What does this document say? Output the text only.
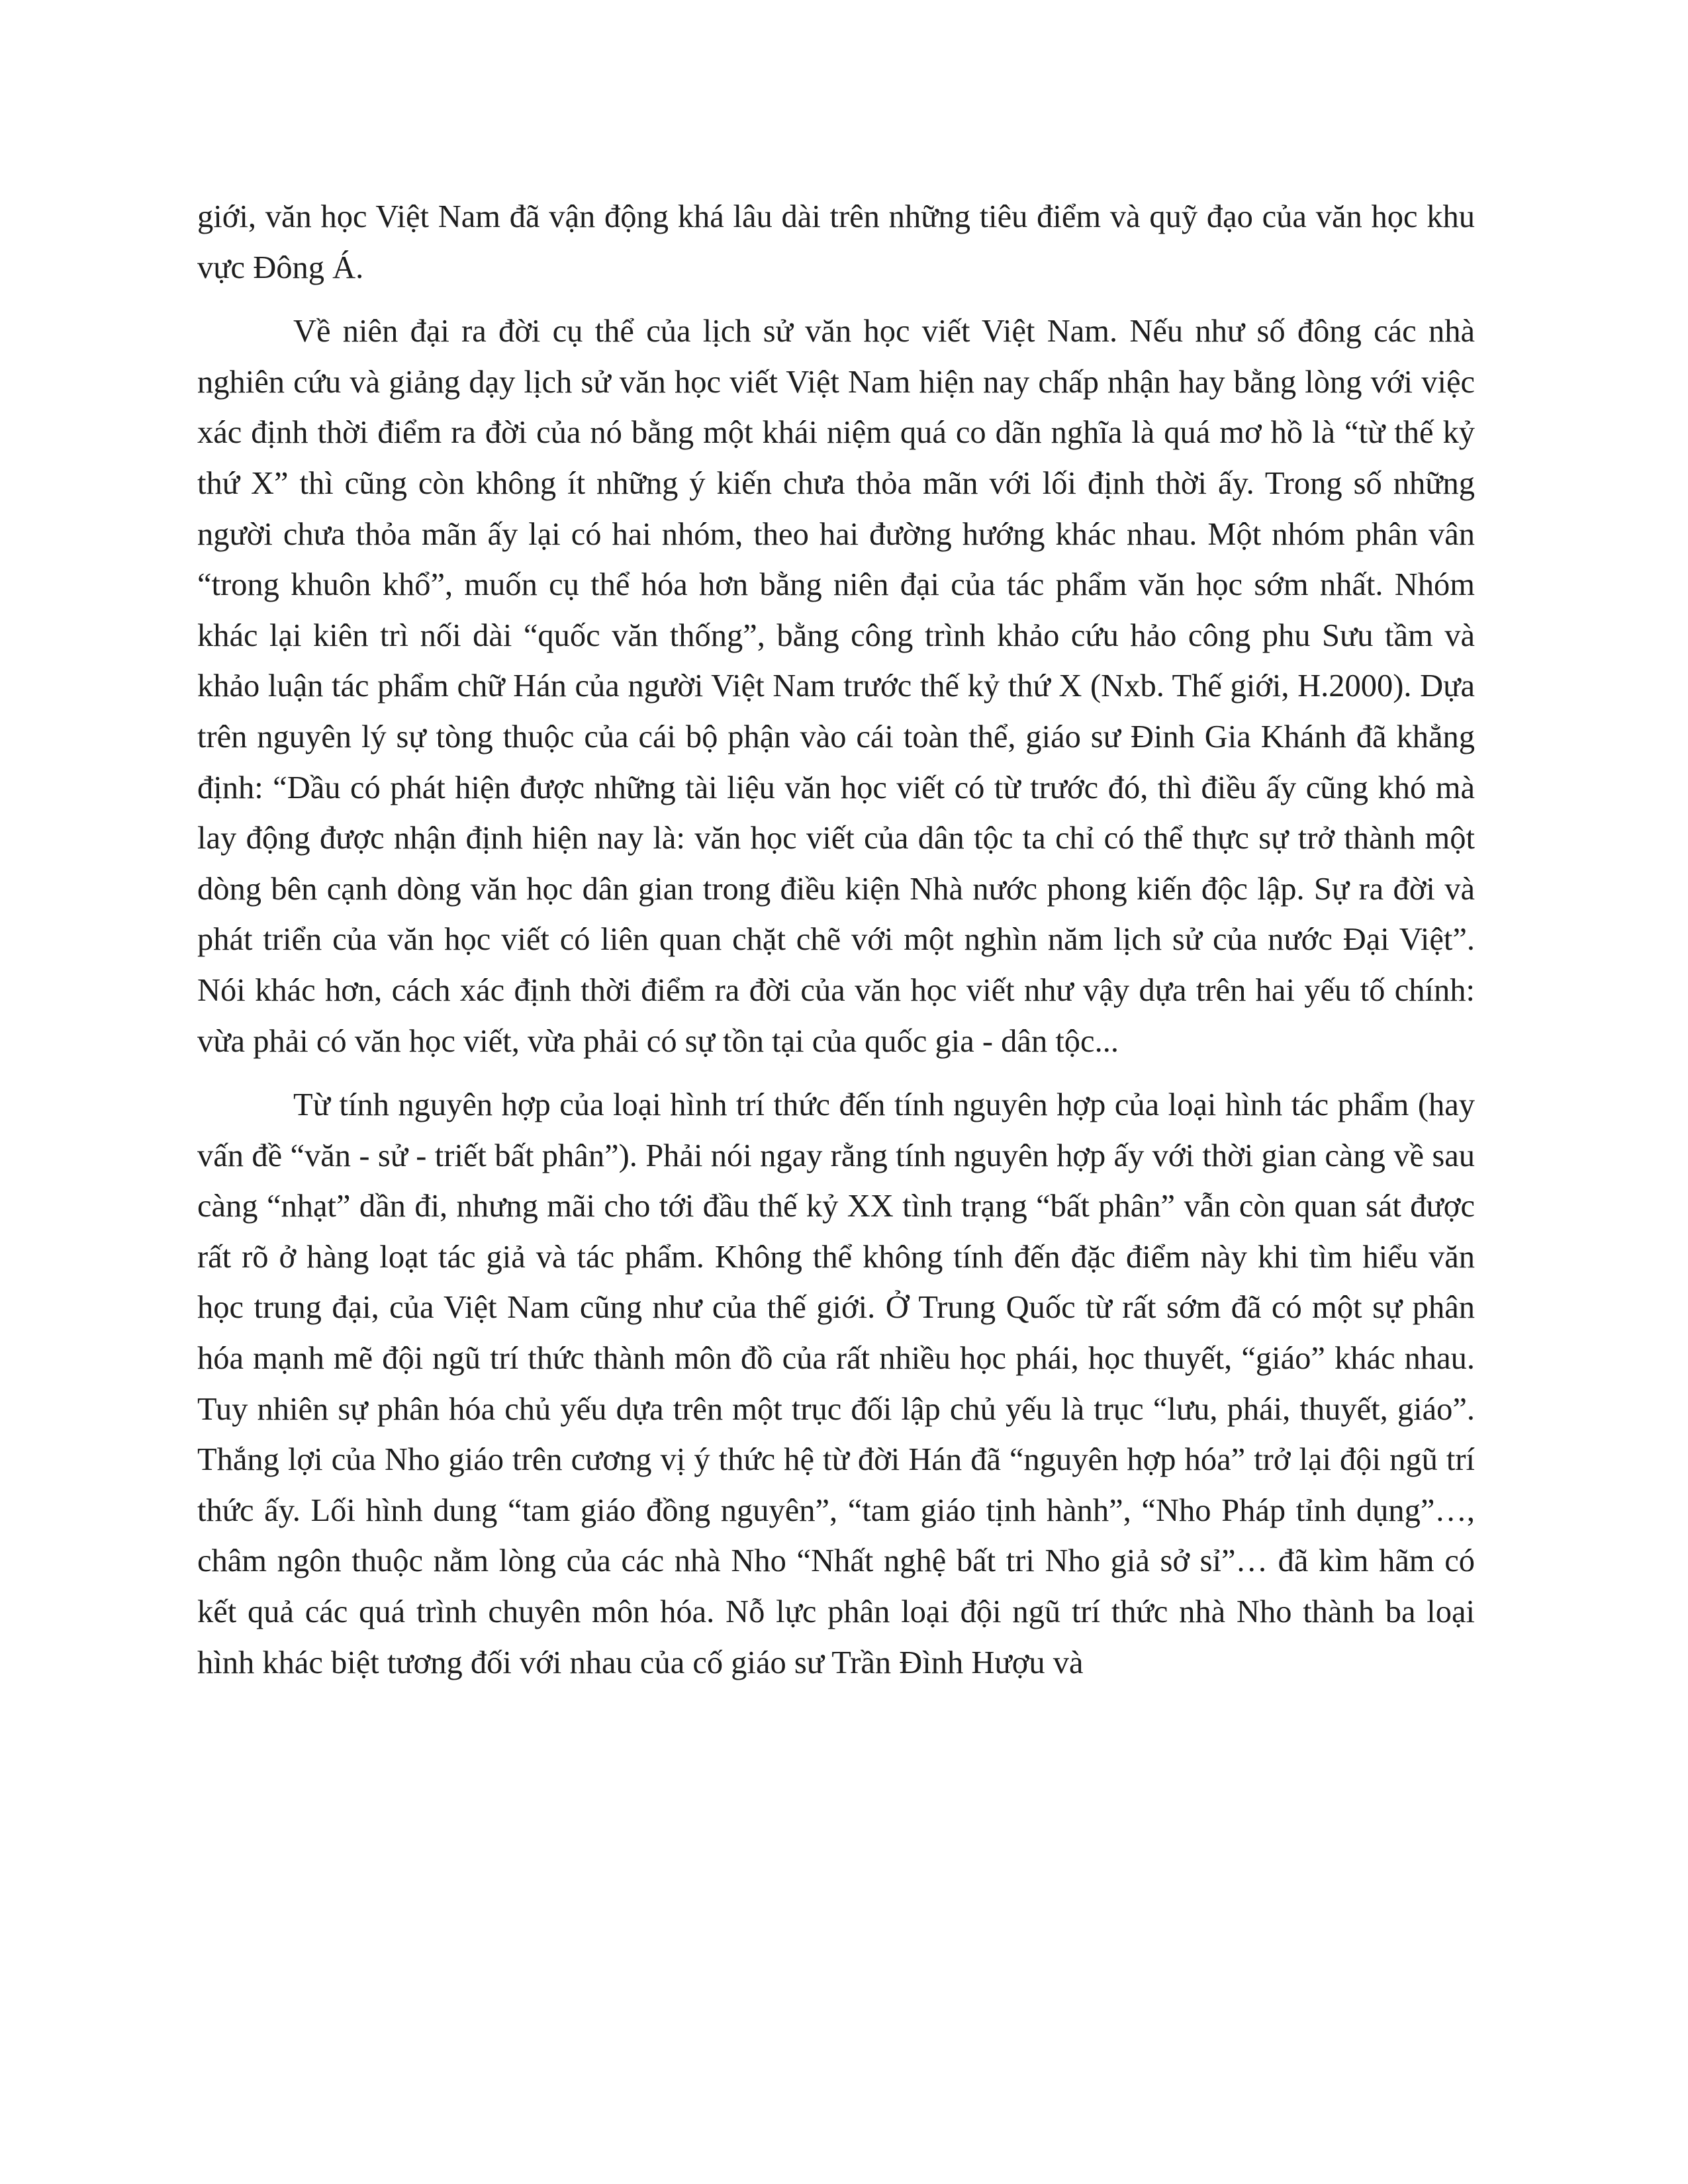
giới, văn học Việt Nam đã vận động khá lâu dài trên những tiêu điểm và quỹ đạo của văn học khu vực Đông Á.

Về niên đại ra đời cụ thể của lịch sử văn học viết Việt Nam. Nếu như số đông các nhà nghiên cứu và giảng dạy lịch sử văn học viết Việt Nam hiện nay chấp nhận hay bằng lòng với việc xác định thời điểm ra đời của nó bằng một khái niệm quá co dãn nghĩa là quá mơ hồ là “từ thế kỷ thứ X” thì cũng còn không ít những ý kiến chưa thỏa mãn với lối định thời ấy. Trong số những người chưa thỏa mãn ấy lại có hai nhóm, theo hai đường hướng khác nhau. Một nhóm phân vân “trong khuôn khổ”, muốn cụ thể hóa hơn bằng niên đại của tác phẩm văn học sớm nhất. Nhóm khác lại kiên trì nối dài “quốc văn thống”, bằng công trình khảo cứu hảo công phu Sưu tầm và khảo luận tác phẩm chữ Hán của người Việt Nam trước thế kỷ thứ X (Nxb. Thế giới, H.2000). Dựa trên nguyên lý sự tòng thuộc của cái bộ phận vào cái toàn thể, giáo sư Đinh Gia Khánh đã khẳng định: “Dầu có phát hiện được những tài liệu văn học viết có từ trước đó, thì điều ấy cũng khó mà lay động được nhận định hiện nay là: văn học viết của dân tộc ta chỉ có thể thực sự trở thành một dòng bên cạnh dòng văn học dân gian trong điều kiện Nhà nước phong kiến độc lập. Sự ra đời và phát triển của văn học viết có liên quan chặt chẽ với một nghìn năm lịch sử của nước Đại Việt”. Nói khác hơn, cách xác định thời điểm ra đời của văn học viết như vậy dựa trên hai yếu tố chính: vừa phải có văn học viết, vừa phải có sự tồn tại của quốc gia - dân tộc...

Từ tính nguyên hợp của loại hình trí thức đến tính nguyên hợp của loại hình tác phẩm (hay vấn đề “văn - sử - triết bất phân”). Phải nói ngay rằng tính nguyên hợp ấy với thời gian càng về sau càng “nhạt” dần đi, nhưng mãi cho tới đầu thế kỷ XX tình trạng “bất phân” vẫn còn quan sát được rất rõ ở hàng loạt tác giả và tác phẩm. Không thể không tính đến đặc điểm này khi tìm hiểu văn học trung đại, của Việt Nam cũng như của thế giới. Ở Trung Quốc từ rất sớm đã có một sự phân hóa mạnh mẽ đội ngũ trí thức thành môn đồ của rất nhiều học phái, học thuyết, “giáo” khác nhau. Tuy nhiên sự phân hóa chủ yếu dựa trên một trục đối lập chủ yếu là trục “lưu, phái, thuyết, giáo”. Thắng lợi của Nho giáo trên cương vị ý thức hệ từ đời Hán đã “nguyên hợp hóa” trở lại đội ngũ trí thức ấy. Lối hình dung “tam giáo đồng nguyên”, “tam giáo tịnh hành”, “Nho Pháp tỉnh dụng”…, châm ngôn thuộc nằm lòng của các nhà Nho “Nhất nghệ bất tri Nho giả sở sỉ”… đã kìm hãm có kết quả các quá trình chuyên môn hóa. Nỗ lực phân loại đội ngũ trí thức nhà Nho thành ba loại hình khác biệt tương đối với nhau của cố giáo sư Trần Đình Hượu và
